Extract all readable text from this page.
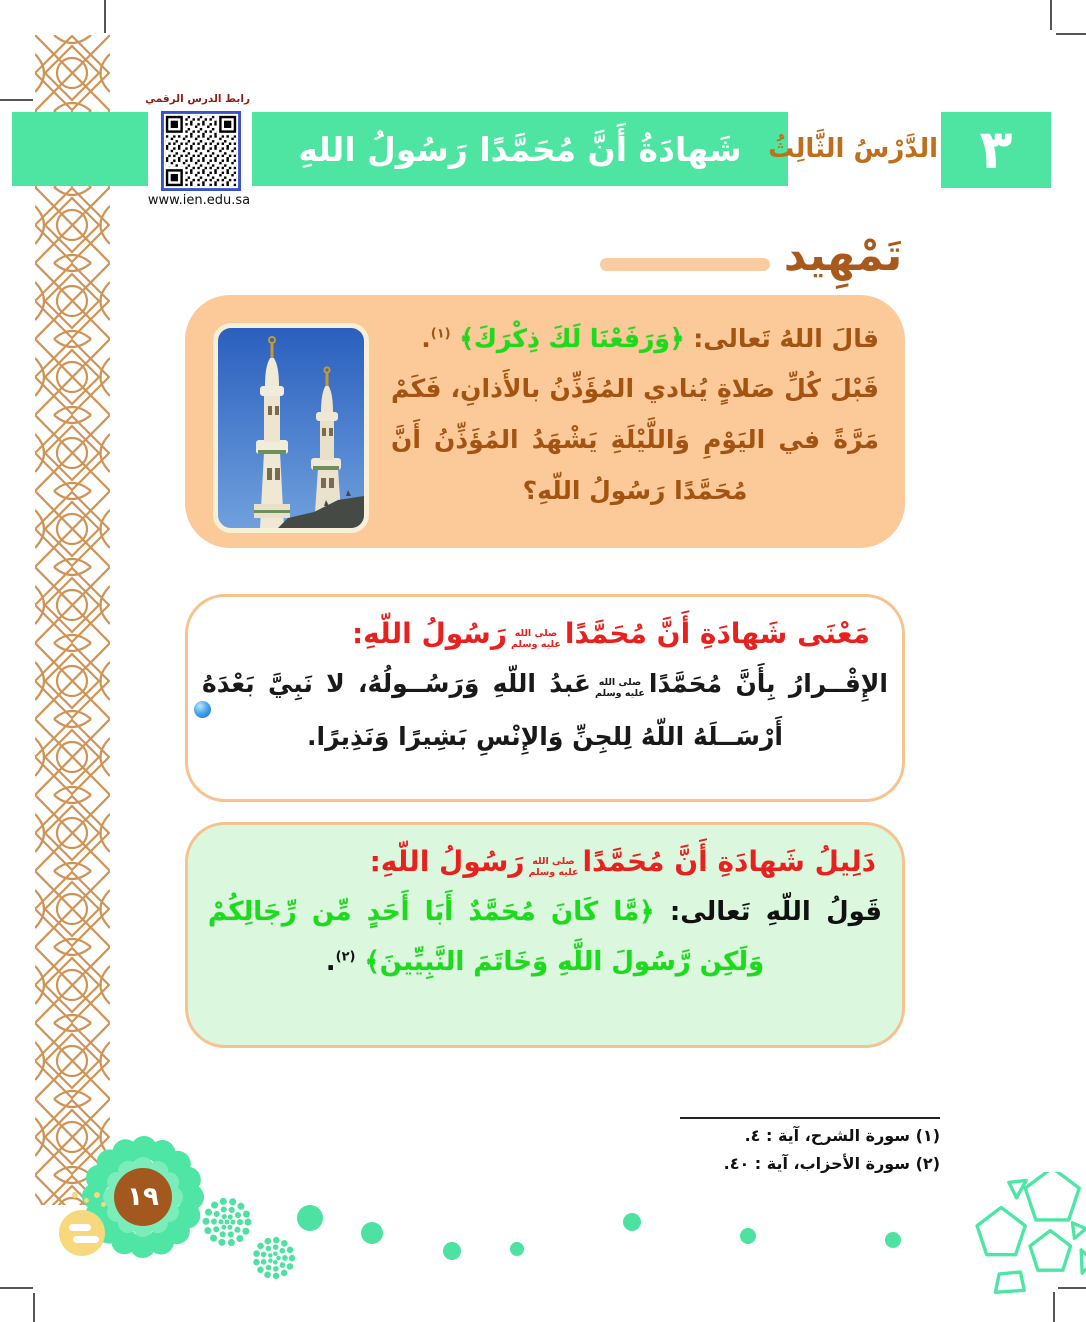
رابط الدرس الرقمي
www.ien.edu.sa
شَهادَةُ أَنَّ مُحَمَّدًا رَسُولُ اللهِ الدَّرْسُ الثَّالِثُ ٣
تَمْهِيد

قالَ اللهُ تَعالى: ﴿وَرَفَعْنَا لَكَ ذِكْرَكَ﴾ $^{(١)}$.

قَبْلَ كُلِّ صَلاةٍ يُنادي المُؤَذِّنُ بالأَذانِ، فَكَمْ مَرَّةً في اليَوْمِ وَاللَّيْلَةِ يَشْهَدُ المُؤَذِّنُ أَنَّ مُحَمَّدًا رَسُولُ اللّهِ؟

مَعْنَى شَهادَةِ أَنَّ مُحَمَّدًاصلى الله
عليه وسلمرَسُولُ اللّهِ:

الإِقْــرارُ بِأَنَّ مُحَمَّدًاصلى الله
عليه وسلمعَبدُ اللّهِ وَرَسُــولُهُ، لا نَبِيَّ بَعْدَهُ أَرْسَــلَهُ اللّهُ لِلجِنِّ وَالإِنْسِ بَشِيرًا وَنَذِيرًا.

دَلِيلُ شَهادَةِ أَنَّ مُحَمَّدًاصلى الله
عليه وسلمرَسُولُ اللّهِ:

قَولُ اللّهِ تَعالى: ﴿مَّا كَانَ مُحَمَّدٌ أَبَا أَحَدٍ مِّن رِّجَالِكُمْ وَلَكِن رَّسُولَ اللَّهِ وَخَاتَمَ النَّبِيِّينَ﴾ $^{(٢)}$.

(١) سورة الشرح، آية : ٤.
(٢) سورة الأحزاب، آية : ٤٠.
١٩
